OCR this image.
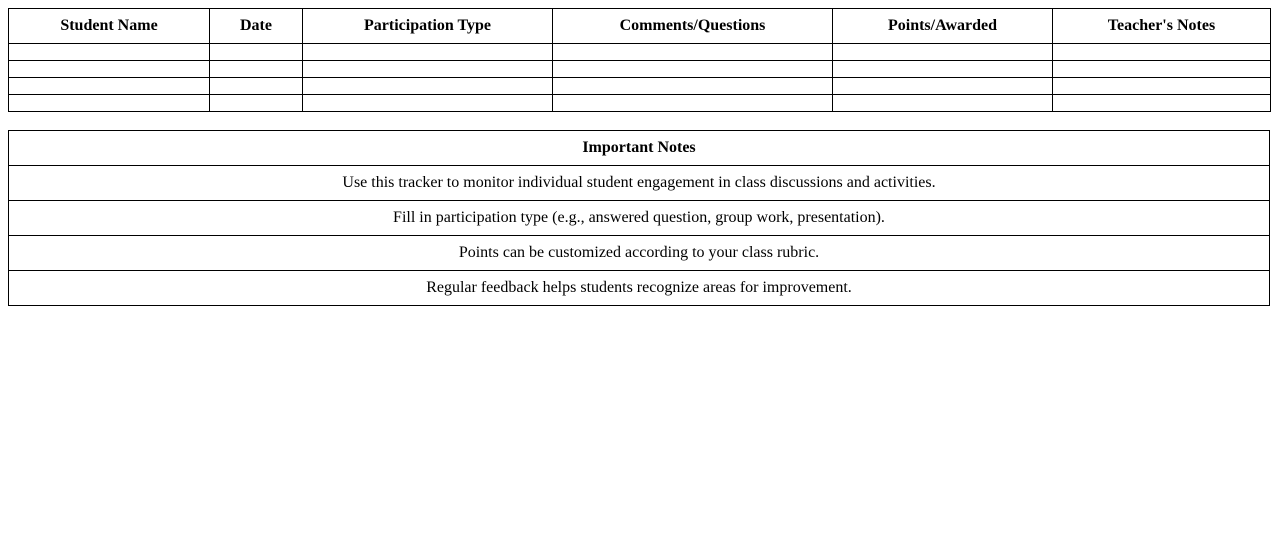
Student Name	Date	Participation Type	Comments/Questions	Points/Awarded	Teacher's Notes

Important Notes
Use this tracker to monitor individual student engagement in class discussions and activities.
Fill in participation type (e.g., answered question, group work, presentation).
Points can be customized according to your class rubric.
Regular feedback helps students recognize areas for improvement.
